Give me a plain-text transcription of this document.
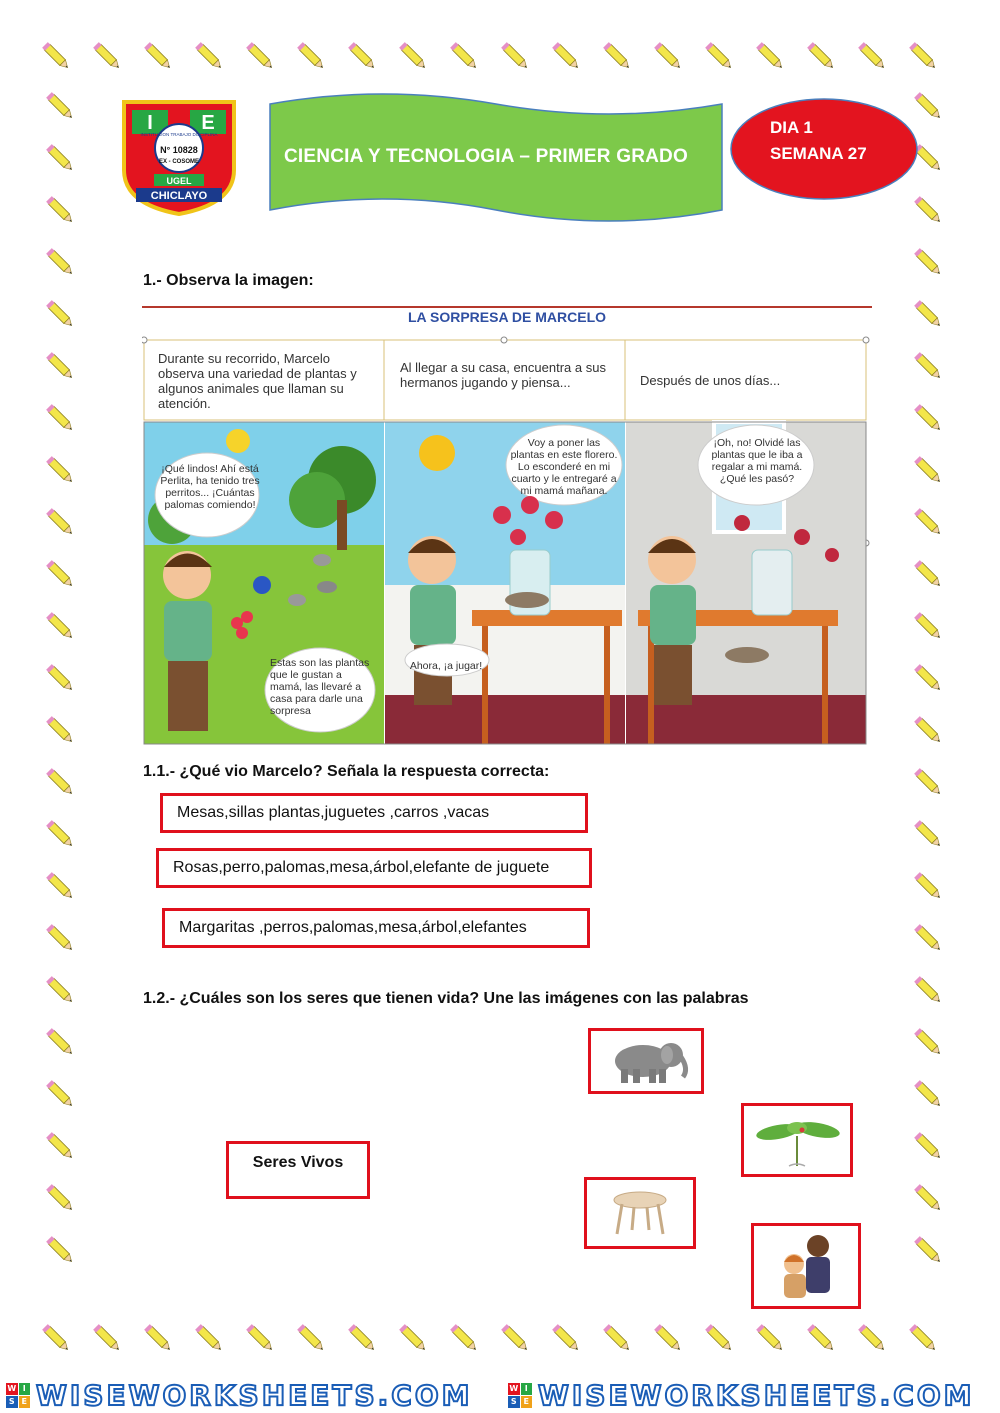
I E
INSTITUCION TRABAJO DISCIPLINA
N° 10828
EX - COSOME
UGEL
CHICLAYO
CIENCIA Y TECNOLOGIA – PRIMER GRADO
DIA 1
SEMANA 27
1.- Observa la imagen:
LA SORPRESA DE MARCELO
Durante su recorrido, Marcelo observa una variedad de plantas y algunos animales que llaman su atención.
Al llegar a su casa, encuentra a sus hermanos jugando y piensa...	Después de unos días...
¡Qué lindos! Ahí está Perlita, ha tenido tres perritos... ¡Cuántas palomas comiendo!
Estas son las plantas que le gustan a mamá, las llevaré a casa para darle una sorpresa
Voy a poner las plantas en este florero. Lo esconderé en mi cuarto y le entregaré a mi mamá mañana.
Ahora, ¡a jugar!
¡Oh, no! Olvidé las plantas que le iba a regalar a mi mamá. ¿Qué les pasó?
1.1.- ¿Qué vio Marcelo? Señala la respuesta correcta:
Mesas,sillas plantas,juguetes ,carros ,vacas
Rosas,perro,palomas,mesa,árbol,elefante de juguete
Margaritas ,perros,palomas,mesa,árbol,elefantes
1.2.- ¿Cuáles son los seres que tienen vida? Une las imágenes con las palabras
Seres Vivos
W I
S E WISEWORKSHEETS.COM	W I
S E WISEWORKSHEETS.COM
